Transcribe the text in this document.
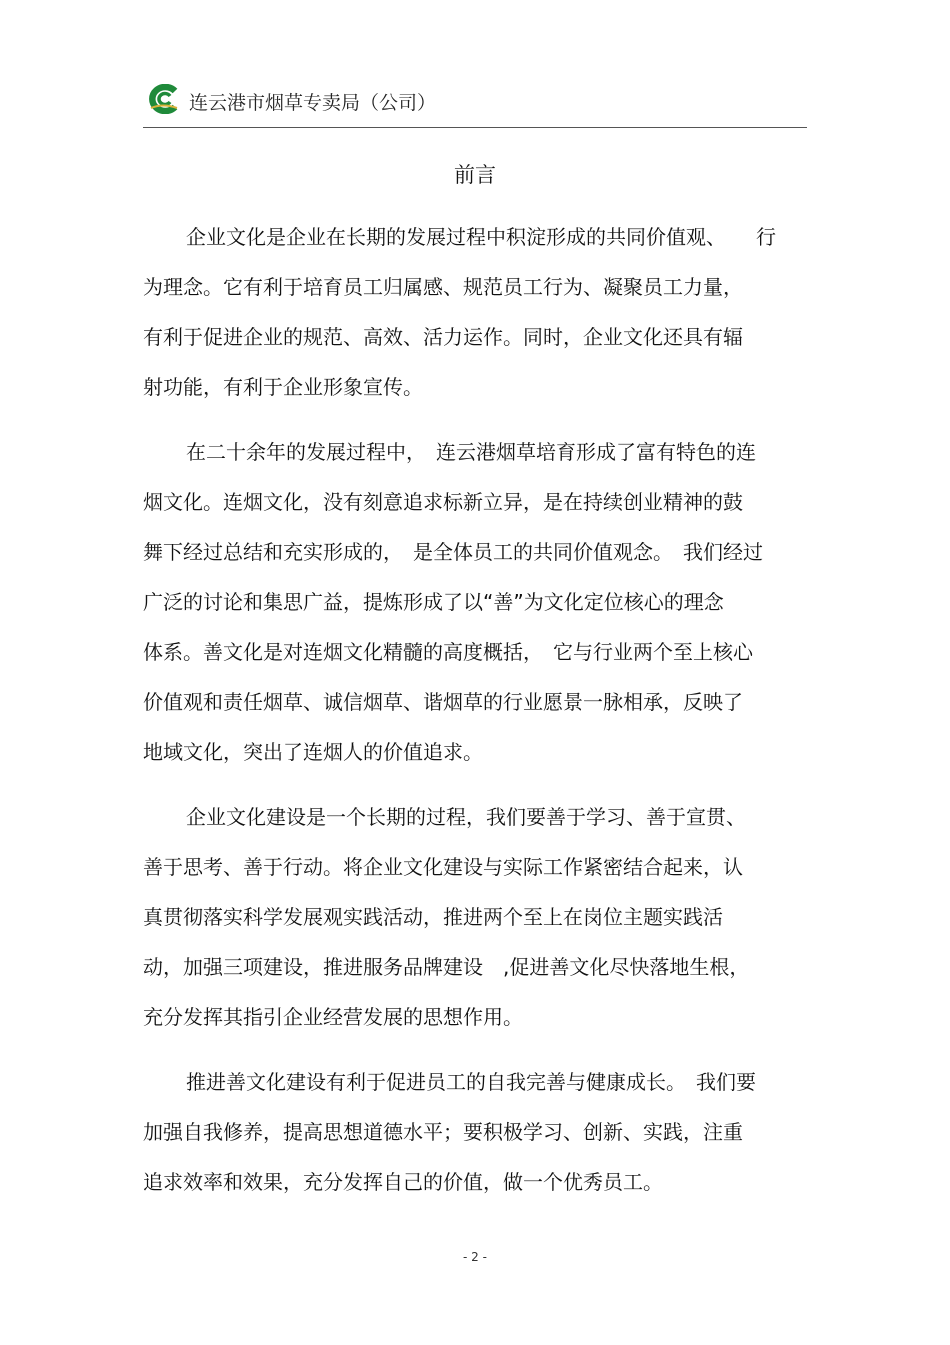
连云港市烟草专卖局（公司）
前言
企业文化是企业在长期的发展过程中积淀形成的共同价值观、　　行
为理念。它有利于培育员工归属感、规范员工行为、凝聚员工力量，
有利于促进企业的规范、高效、活力运作。同时，企业文化还具有辐
射功能，有利于企业形象宣传。
在二十余年的发展过程中，　连云港烟草培育形成了富有特色的连
烟文化。连烟文化，没有刻意追求标新立异，是在持续创业精神的鼓
舞下经过总结和充实形成的，　是全体员工的共同价值观念。　我们经过
广泛的讨论和集思广益，提炼形成了以“善”为文化定位核心的理念
体系。善文化是对连烟文化精髓的高度概括，　它与行业两个至上核心
价值观和责任烟草、诚信烟草、谐烟草的行业愿景一脉相承，反映了
地域文化，突出了连烟人的价值追求。
企业文化建设是一个长期的过程，我们要善于学习、善于宣贯、
善于思考、善于行动。将企业文化建设与实际工作紧密结合起来，认
真贯彻落实科学发展观实践活动，推进两个至上在岗位主题实践活
动，加强三项建设，推进服务品牌建设　,促进善文化尽快落地生根，
充分发挥其指引企业经营发展的思想作用。
推进善文化建设有利于促进员工的自我完善与健康成长。　我们要
加强自我修养，提高思想道德水平；要积极学习、创新、实践，注重
追求效率和效果，充分发挥自己的价值，做一个优秀员工。
- 2 -
